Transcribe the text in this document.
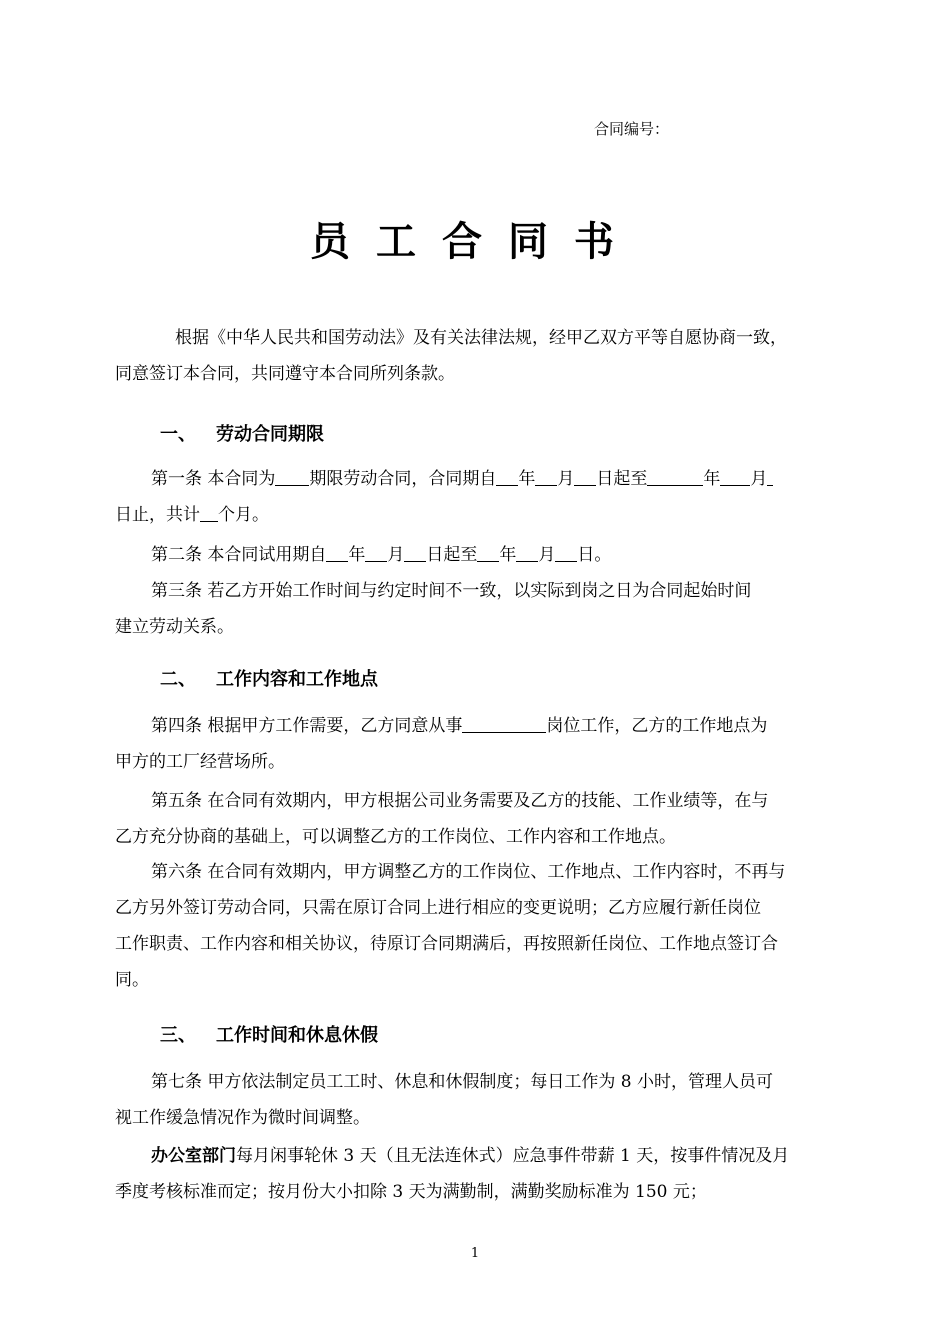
合同编号：
员工合同书

根据《中华人民共和国劳动法》及有关法律法规，经甲乙双方平等自愿协商一致，

同意签订本合同，共同遵守本合同所列条款。

一、 劳动合同期限

第一条 本合同为 期限劳动合同，合同期自 年 月 日起至	年 月

日止，共计 个月。

第二条 本合同试用期自 年 月 日起至 年 月 日。

第三条 若乙方开始工作时间与约定时间不一致，以实际到岗之日为合同起始时间

建立劳动关系。

二、 工作内容和工作地点

第四条 根据甲方工作需要，乙方同意从事	岗位工作，乙方的工作地点为

甲方的工厂经营场所。

第五条 在合同有效期内，甲方根据公司业务需要及乙方的技能、工作业绩等，在与

乙方充分协商的基础上，可以调整乙方的工作岗位、工作内容和工作地点。

第六条 在合同有效期内，甲方调整乙方的工作岗位、工作地点、工作内容时，不再与

乙方另外签订劳动合同，只需在原订合同上进行相应的变更说明；乙方应履行新任岗位

工作职责、工作内容和相关协议，待原订合同期满后，再按照新任岗位、工作地点签订合

同。

三、 工作时间和休息休假

第七条 甲方依法制定员工工时、休息和休假制度；每日工作为 8 小时，管理人员可

视工作缓急情况作为微时间调整。

办公室部门每月闲事轮休 3 天（且无法连休式）应急事件带薪 1 天，按事件情况及月

季度考核标准而定；按月份大小扣除 3 天为满勤制，满勤奖励标准为 150 元；

1
